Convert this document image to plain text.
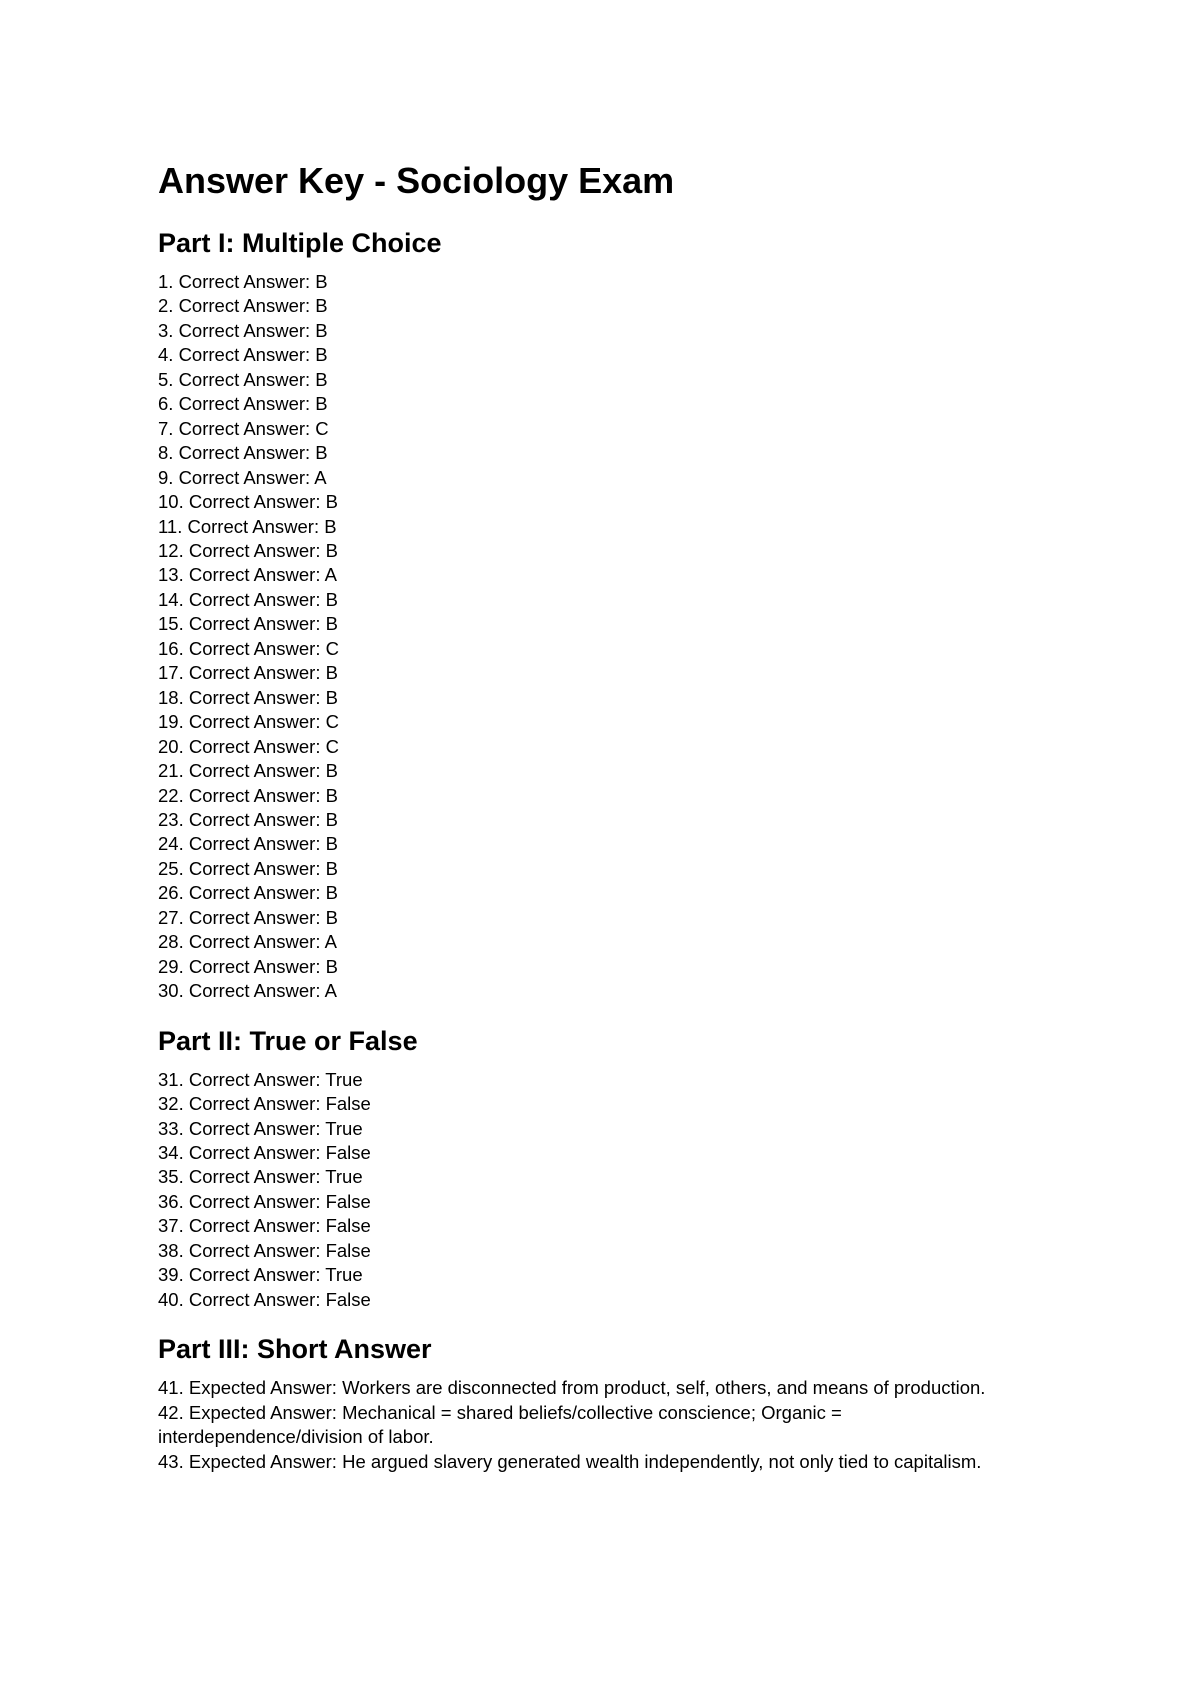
Answer Key - Sociology Exam
Part I: Multiple Choice
1. Correct Answer: B
2. Correct Answer: B
3. Correct Answer: B
4. Correct Answer: B
5. Correct Answer: B
6. Correct Answer: B
7. Correct Answer: C
8. Correct Answer: B
9. Correct Answer: A
10. Correct Answer: B
11. Correct Answer: B
12. Correct Answer: B
13. Correct Answer: A
14. Correct Answer: B
15. Correct Answer: B
16. Correct Answer: C
17. Correct Answer: B
18. Correct Answer: B
19. Correct Answer: C
20. Correct Answer: C
21. Correct Answer: B
22. Correct Answer: B
23. Correct Answer: B
24. Correct Answer: B
25. Correct Answer: B
26. Correct Answer: B
27. Correct Answer: B
28. Correct Answer: A
29. Correct Answer: B
30. Correct Answer: A
Part II: True or False
31. Correct Answer: True
32. Correct Answer: False
33. Correct Answer: True
34. Correct Answer: False
35. Correct Answer: True
36. Correct Answer: False
37. Correct Answer: False
38. Correct Answer: False
39. Correct Answer: True
40. Correct Answer: False
Part III: Short Answer
41. Expected Answer: Workers are disconnected from product, self, others, and means of production.
42. Expected Answer: Mechanical = shared beliefs/collective conscience; Organic = interdependence/division of labor.
43. Expected Answer: He argued slavery generated wealth independently, not only tied to capitalism.
